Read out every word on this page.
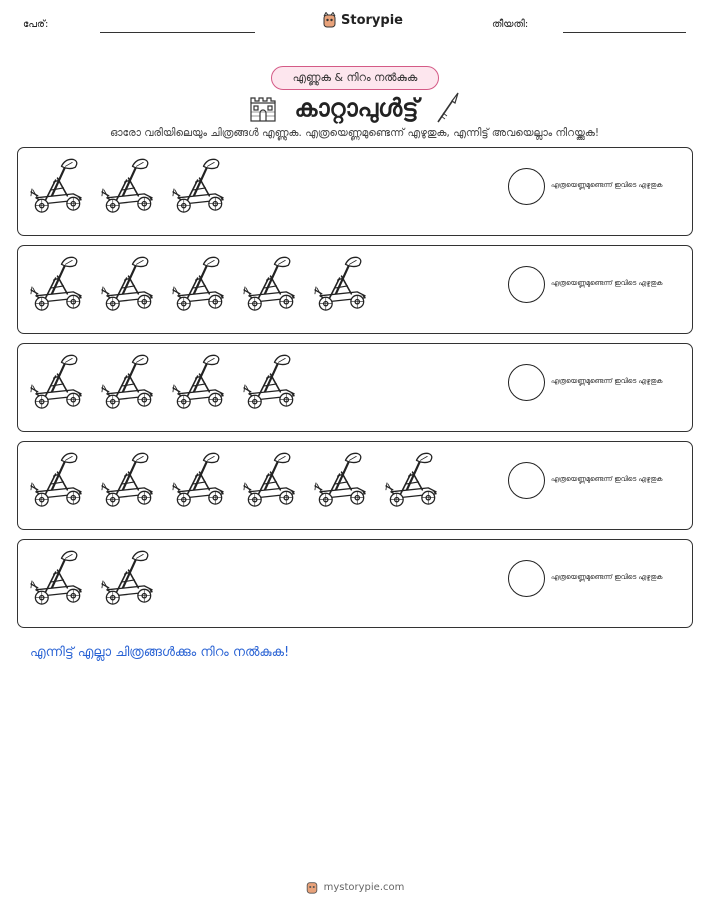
പേര്:	Storypie	തീയതി:
എണ്ണുക & നിറം നൽകുക
കാറ്റാപുൾട്ട്
ഓരോ വരിയിലെയും ചിത്രങ്ങൾ എണ്ണുക. എത്രയെണ്ണമുണ്ടെന്ന് എഴുതുക, എന്നിട്ട് അവയെല്ലാം നിറയ്ക്കുക!
എത്രയെണ്ണമുണ്ടെന്ന് ഇവിടെ എഴുതുക
എത്രയെണ്ണമുണ്ടെന്ന് ഇവിടെ എഴുതുക
എത്രയെണ്ണമുണ്ടെന്ന് ഇവിടെ എഴുതുക
എത്രയെണ്ണമുണ്ടെന്ന് ഇവിടെ എഴുതുക
എത്രയെണ്ണമുണ്ടെന്ന് ഇവിടെ എഴുതുക
എന്നിട്ട് എല്ലാ ചിത്രങ്ങൾക്കും നിറം നൽകുക!
mystorypie.com
